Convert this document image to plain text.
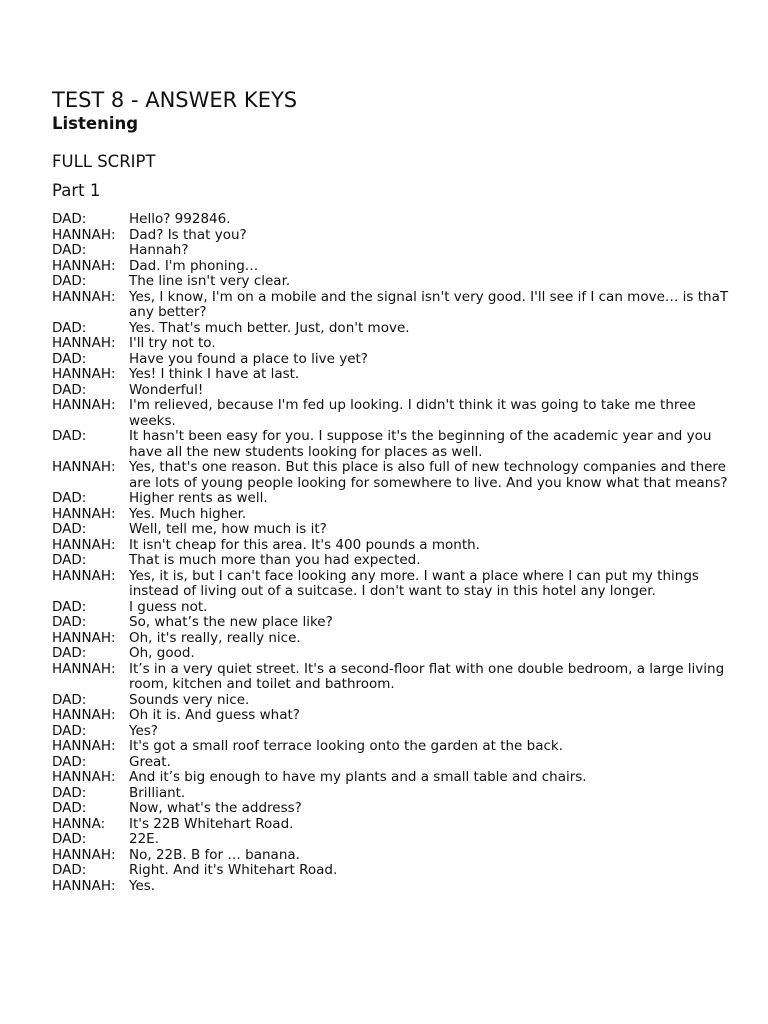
TEST 8 - ANSWER KEYS
Listening
FULL SCRIPT
Part 1
DAD:	Hello? 992846.
HANNAH: Dad? Is that you?
DAD:	Hannah?
HANNAH: Dad. I'm phoning…
DAD:	The line isn't very clear.
HANNAH: Yes, I know, I'm on a mobile and the signal isn't very good. I'll see if I can move… is thaT any better?
DAD:	Yes. That's much better. Just, don't move.
HANNAH: I'll try not to.
DAD:	Have you found a place to live yet?
HANNAH: Yes! I think I have at last.
DAD:	Wonderful!
HANNAH: I'm relieved, because I'm fed up looking. I didn't think it was going to take me three weeks.
DAD:	It hasn't been easy for you. I suppose it's the beginning of the academic year and you have all the new students looking for places as well.
HANNAH: Yes, that's one reason. But this place is also full of new technology companies and there are lots of young people looking for somewhere to live. And you know what that means?
DAD:	Higher rents as well.
HANNAH: Yes. Much higher.
DAD:	Well, tell me, how much is it?
HANNAH: It isn't cheap for this area. It's 400 pounds a month.
DAD:	That is much more than you had expected.
HANNAH: Yes, it is, but I can't face looking any more. I want a place where I can put my things instead of living out of a suitcase. I don't want to stay in this hotel any longer.
DAD:	I guess not.
DAD:	So, what’s the new place like?
HANNAH: Oh, it's really, really nice.
DAD:	Oh, good.
HANNAH: It’s in a very quiet street. It's a second-floor flat with one double bedroom, a large living room, kitchen and toilet and bathroom.
DAD:	Sounds very nice.
HANNAH: Oh it is. And guess what?
DAD:	Yes?
HANNAH: It's got a small roof terrace looking onto the garden at the back.
DAD:	Great.
HANNAH: And it’s big enough to have my plants and a small table and chairs.
DAD:	Brilliant.
DAD:	Now, what's the address?
HANNA:	It's 22B Whitehart Road.
DAD:	22E.
HANNAH: No, 22B. B for … banana.
DAD:	Right. And it's Whitehart Road.
HANNAH: Yes.
